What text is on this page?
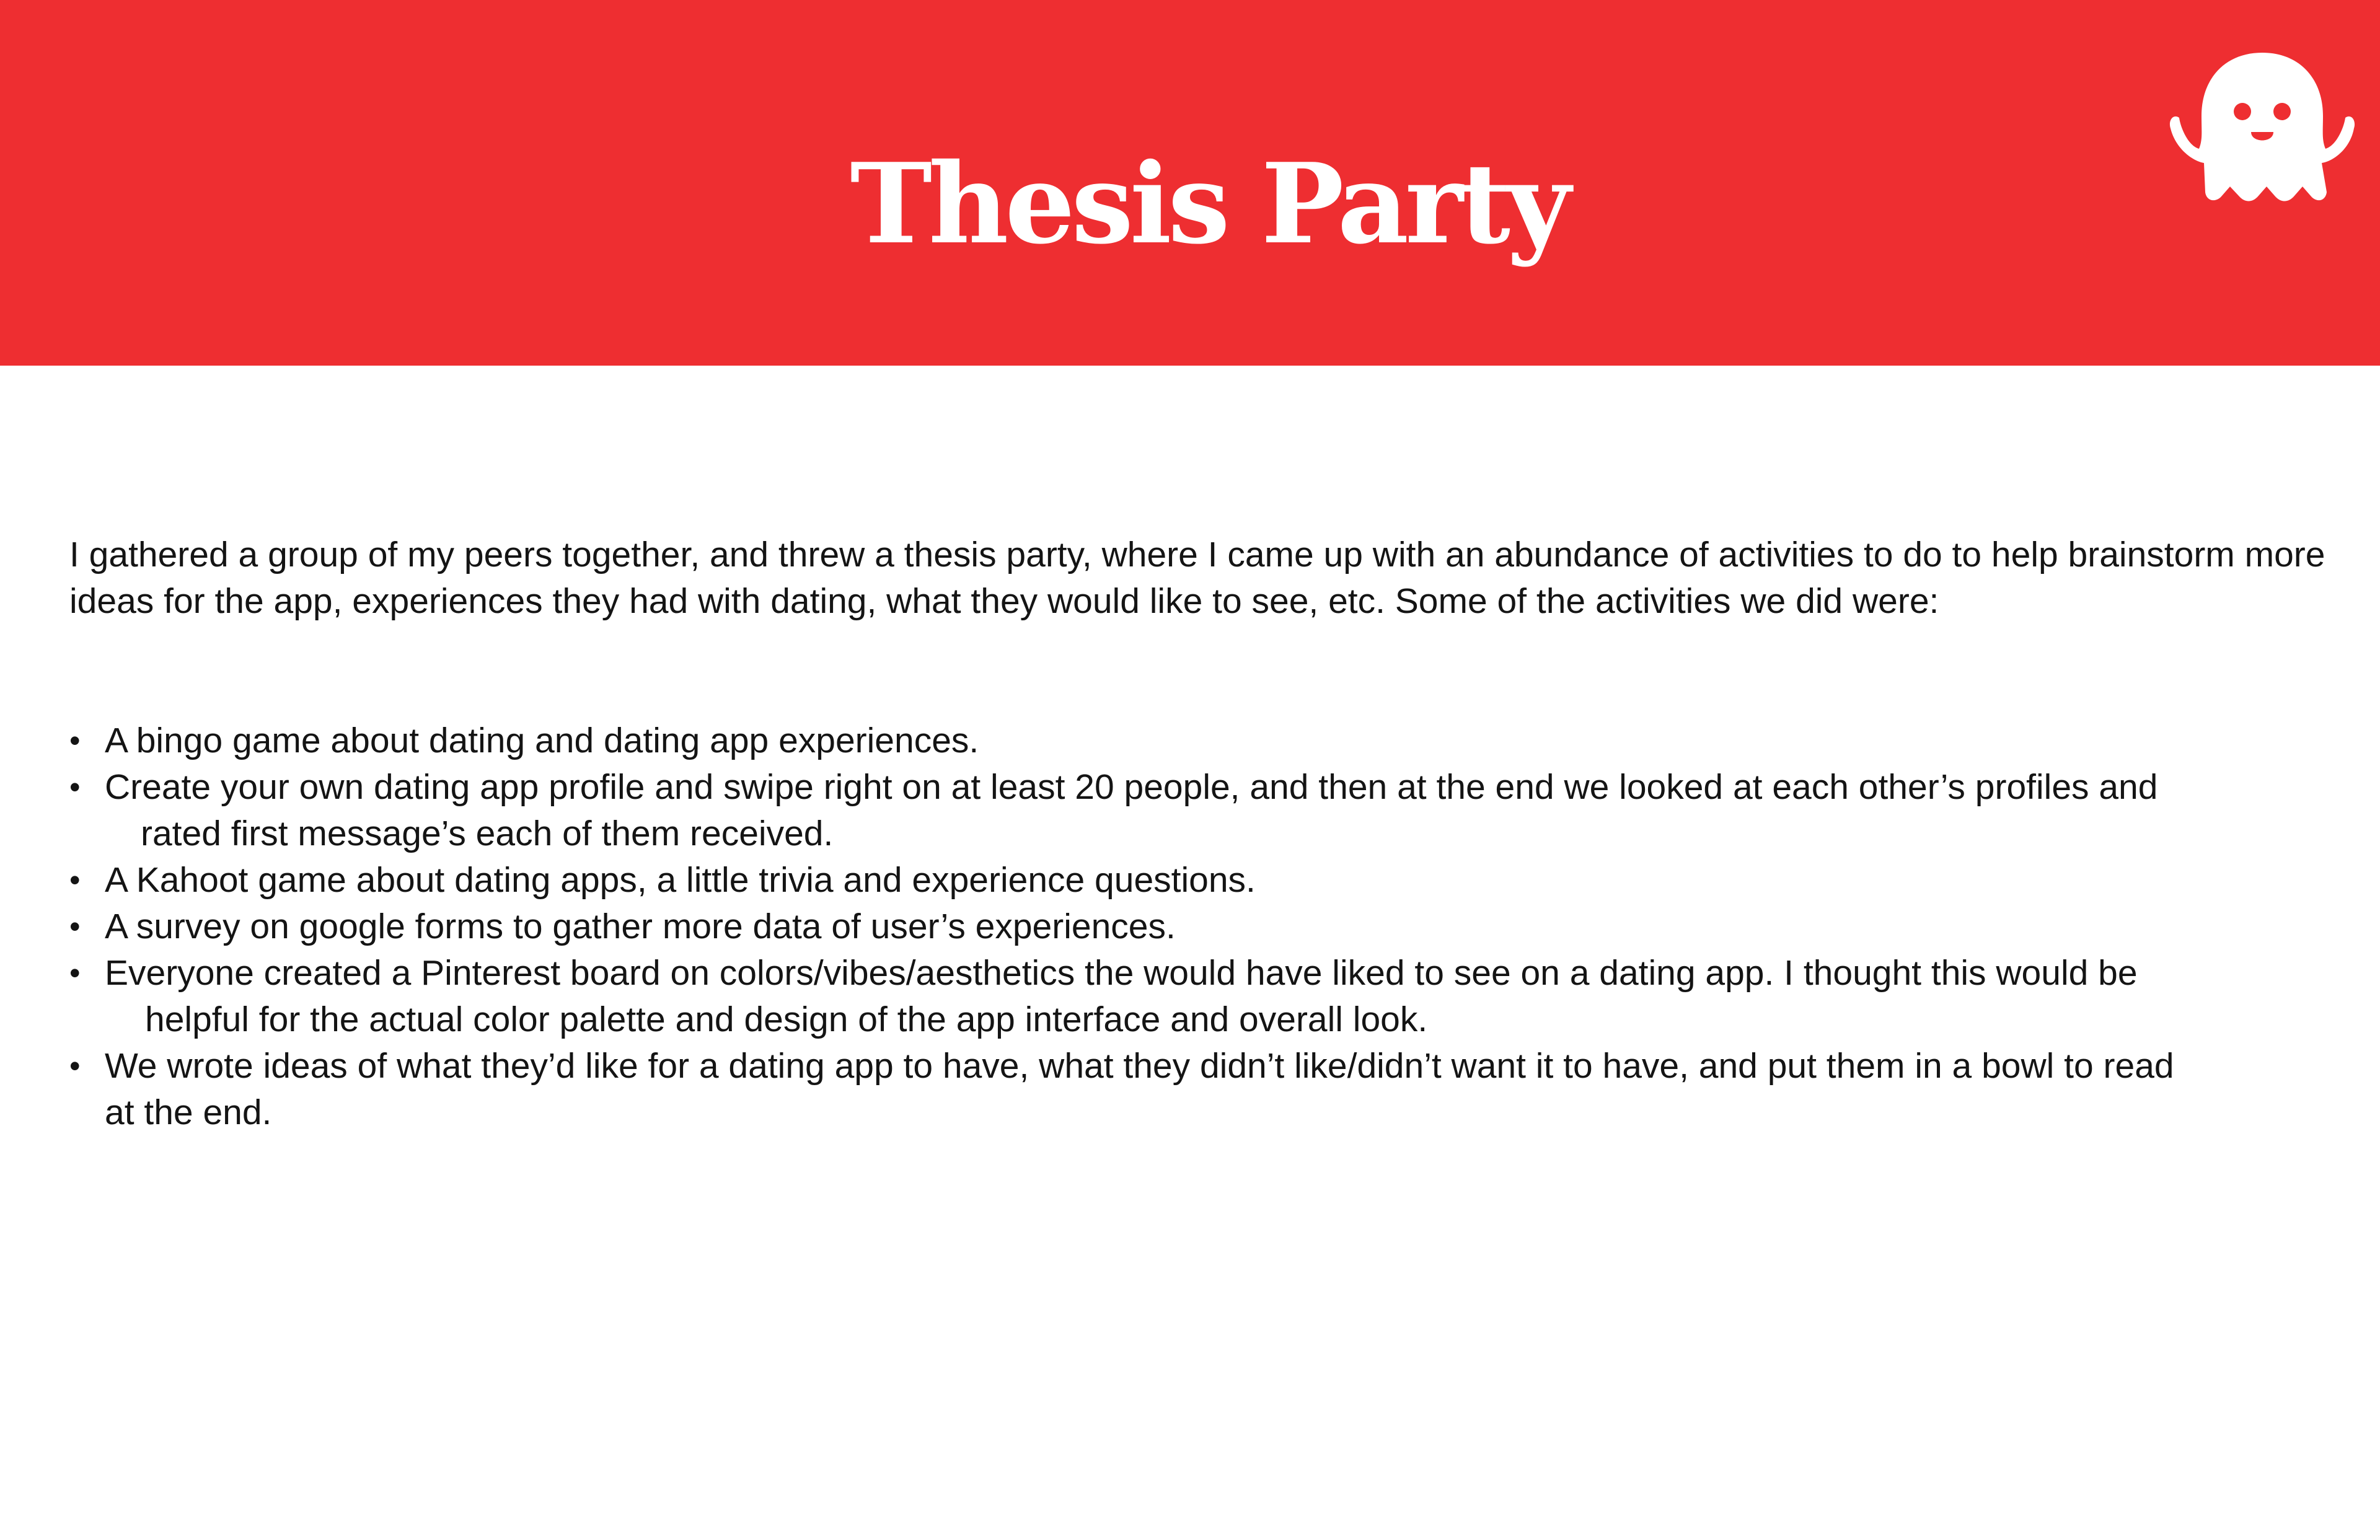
Thesis Party

I gathered a group of my peers together, and threw a thesis party, where I came up with an abundance of activities to do to help brainstorm more ideas for the app, experiences they had with dating, what they would like to see, etc. Some of the activities we did were:

• A bingo game about dating and dating app experiences.
• Create your own dating app profile and swipe right on at least 20 people, and then at the end we looked at each other’s profiles and
rated first message’s each of them received.
• A Kahoot game about dating apps, a little trivia and experience questions.
• A survey on google forms to gather more data of user’s experiences.
• Everyone created a Pinterest board on colors/vibes/aesthetics the would have liked to see on a dating app. I thought this would be
helpful for the actual color palette and design of the app interface and overall look.
• We wrote ideas of what they’d like for a dating app to have, what they didn’t like/didn’t want it to have, and put them in a bowl to read
at the end.
